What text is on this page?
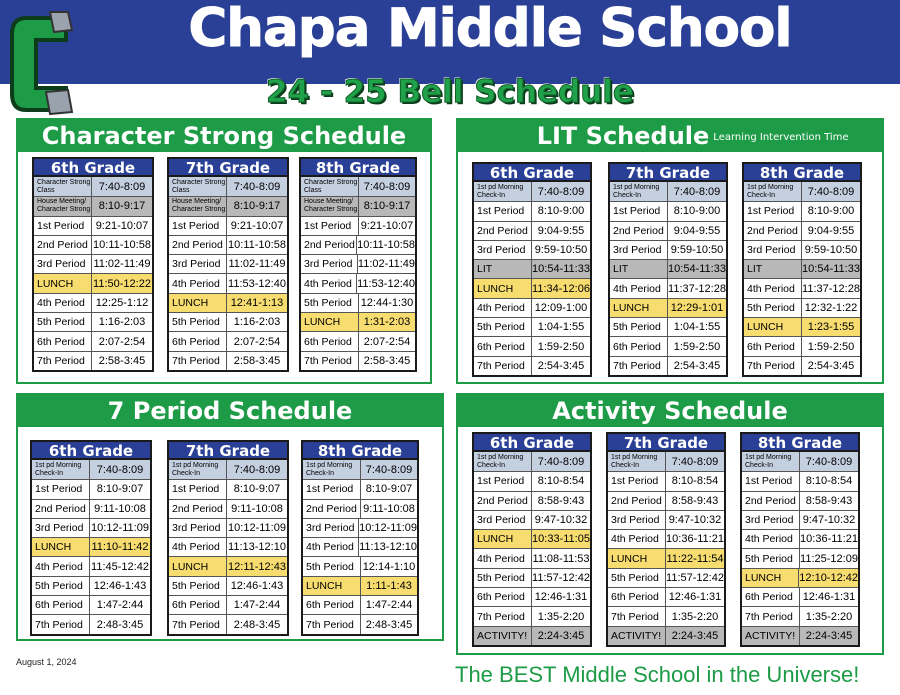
Chapa Middle School
24 - 25 Bell Schedule
Character Strong Schedule	LIT Schedule Learning Intervention Time
7 Period Schedule	Activity Schedule
6th Grade
Character Strong Class	7:40-8:09
House Meeting/ Character Strong 8:10-9:17
1st Period	9:21-10:07
2nd Period 10:11-10:58
3rd Period 11:02-11:49
LUNCH	11:50-12:22
4th Period 12:25-1:12
5th Period	1:16-2:03
6th Period	2:07-2:54
7th Period	2:58-3:45
7th Grade
Character Strong Class	7:40-8:09
House Meeting/ Character Strong 8:10-9:17
1st Period	9:21-10:07
2nd Period 10:11-10:58
3rd Period 11:02-11:49
4th Period 11:53-12:40
LUNCH	12:41-1:13
5th Period	1:16-2:03
6th Period	2:07-2:54
7th Period	2:58-3:45
8th Grade
Character Strong Class	7:40-8:09
House Meeting/ Character Strong 8:10-9:17
1st Period 9:21-10:07
2nd Period 10:11-10:58
3rd Period 11:02-11:49
4th Period 11:53-12:40
5th Period 12:44-1:30
LUNCH	1:31-2:03
6th Period	2:07-2:54
7th Period	2:58-3:45
6th Grade
1st pd Morning Check-In	7:40-8:09
1st Period	8:10-9:00
2nd Period 9:04-9:55
3rd Period 9:59-10:50
LIT	10:54-11:33
LUNCH	11:34-12:06
4th Period 12:09-1:00
5th Period	1:04-1:55
6th Period	1:59-2:50
7th Period	2:54-3:45
7th Grade
1st pd Morning Check-In	7:40-8:09
1st Period	8:10-9:00
2nd Period 9:04-9:55
3rd Period 9:59-10:50
LIT	10:54-11:33
4th Period 11:37-12:28
LUNCH	12:29-1:01
5th Period	1:04-1:55
6th Period	1:59-2:50
7th Period	2:54-3:45
8th Grade
1st pd Morning Check-In	7:40-8:09
1st Period	8:10-9:00
2nd Period 9:04-9:55
3rd Period 9:59-10:50
LIT	10:54-11:33
4th Period 11:37-12:28
5th Period 12:32-1:22
LUNCH	1:23-1:55
6th Period	1:59-2:50
7th Period	2:54-3:45
6th Grade
1st pd Morning Check-In	7:40-8:09
1st Period	8:10-9:07
2nd Period 9:11-10:08
3rd Period 10:12-11:09
LUNCH	11:10-11:42
4th Period 11:45-12:42
5th Period 12:46-1:43
6th Period	1:47-2:44
7th Period	2:48-3:45
7th Grade
1st pd Morning Check-In	7:40-8:09
1st Period	8:10-9:07
2nd Period 9:11-10:08
3rd Period 10:12-11:09
4th Period 11:13-12:10
LUNCH	12:11-12:43
5th Period 12:46-1:43
6th Period	1:47-2:44
7th Period	2:48-3:45
8th Grade
1st pd Morning Check-In	7:40-8:09
1st Period	8:10-9:07
2nd Period 9:11-10:08
3rd Period 10:12-11:09
4th Period 11:13-12:10
5th Period 12:14-1:10
LUNCH	1:11-1:43
6th Period	1:47-2:44
7th Period	2:48-3:45
6th Grade
1st pd Morning Check-In	7:40-8:09
1st Period	8:10-8:54
2nd Period 8:58-9:43
3rd Period 9:47-10:32
LUNCH	10:33-11:05
4th Period 11:08-11:53
5th Period 11:57-12:42
6th Period 12:46-1:31
7th Period	1:35-2:20
ACTIVITY! 2:24-3:45
7th Grade
1st pd Morning Check-In	7:40-8:09
1st Period	8:10-8:54
2nd Period 8:58-9:43
3rd Period 9:47-10:32
4th Period 10:36-11:21
LUNCH	11:22-11:54
5th Period 11:57-12:42
6th Period 12:46-1:31
7th Period	1:35-2:20
ACTIVITY! 2:24-3:45
8th Grade
1st pd Morning Check-In	7:40-8:09
1st Period	8:10-8:54
2nd Period 8:58-9:43
3rd Period 9:47-10:32
4th Period 10:36-11:21
5th Period 11:25-12:09
LUNCH	12:10-12:42
6th Period 12:46-1:31
7th Period	1:35-2:20
ACTIVITY! 2:24-3:45
August 1, 2024	The BEST Middle School in the Universe!
